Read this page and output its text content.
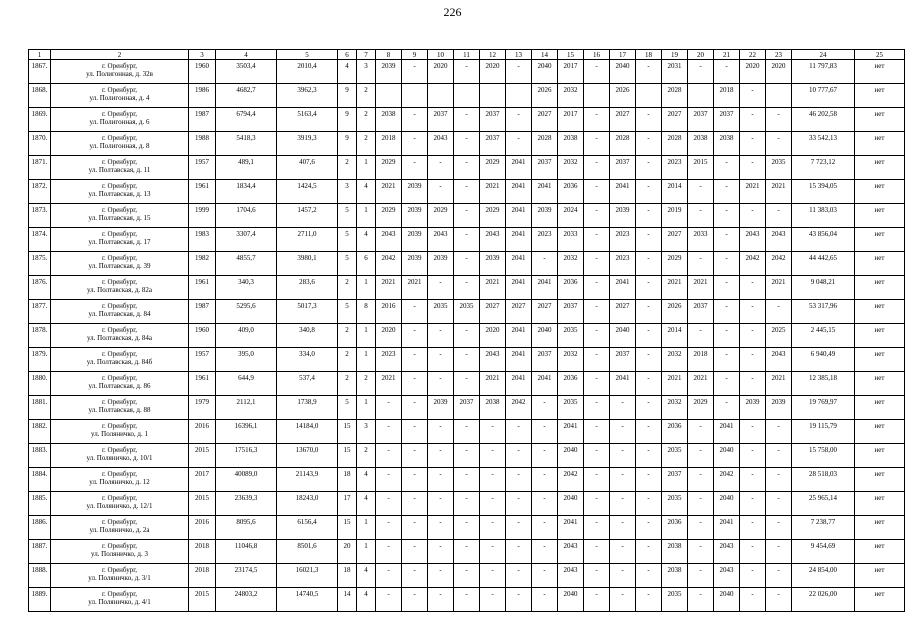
226
1	2	3	4	5	6	7	8	9	10	11	12	13	14	15	16	17	18	19	20	21	22	23	24	25
1867.	г. Оренбург,
ул. Полигонная, д. 32в	1960	3503,4	2010,4	4	3	2039	-	2020	-	2020	-	2040	2017	-	2040	-	2031	-	-	2020	2020	11 797,83	нет
1868.	г. Оренбург,
ул. Полигонная, д. 4	1986	4682,7	3962,3	9	2							2026	2032		2026		2028		2018	-		10 777,67	нет
1869.	г. Оренбург,
ул. Полигонная, д. 6	1987	6794,4	5163,4	9	2	2038	-	2037	-	2037	-	2027	2017	-	2027	-	2027	2037	2037	-	-	46 202,58	нет
1870.	г. Оренбург,
ул. Полигонная, д. 8	1988	5418,3	3919,3	9	2	2018	-	2043	-	2037	-	2028	2038	-	2028	-	2028	2038	2038	-	-	33 542,13	нет
1871.	г. Оренбург,
ул. Полтавская, д. 11	1957	489,1	407,6	2	1	2029	-	-	-	2029	2041	2037	2032	-	2037	-	2023	2015	-	-	2035	7 723,12	нет
1872.	г. Оренбург,
ул. Полтавская, д. 13	1961	1834,4	1424,5	3	4	2021	2039	-	-	2021	2041	2041	2036	-	2041	-	2014	-	-	2021	2021	15 394,05	нет
1873.	г. Оренбург,
ул. Полтавская, д. 15	1999	1704,6	1457,2	5	1	2029	2039	2029	-	2029	2041	2039	2024	-	2039	-	2019	-	-	-	-	11 383,03	нет
1874.	г. Оренбург,
ул. Полтавская, д. 17	1983	3307,4	2711,0	5	4	2043	2039	2043	-	2043	2041	2023	2033	-	2023	-	2027	2033	-	2043	2043	43 856,04	нет
1875.	г. Оренбург,
ул. Полтавская, д. 39	1982	4855,7	3980,1	5	6	2042	2039	2039	-	2039	2041	-	2032	-	2023	-	2029	-	-	2042	2042	44 442,65	нет
1876.	г. Оренбург,
ул. Полтавская, д. 82а	1961	340,3	283,6	2	1	2021	2021	-	-	2021	2041	2041	2036	-	2041	-	2021	2021	-	-	2021	9 048,21	нет
1877.	г. Оренбург,
ул. Полтавская, д. 84	1987	5295,6	5017,3	5	8	2016	-	2035	2035	2027	2027	2027	2037	-	2027	-	2026	2037	-	-	-	53 317,96	нет
1878.	г. Оренбург,
ул. Полтавская, д. 84а	1960	409,0	340,8	2	1	2020	-	-	-	2020	2041	2040	2035	-	2040	-	2014	-	-	-	2025	2 445,15	нет
1879.	г. Оренбург,
ул. Полтавская, д. 84б	1957	395,0	334,0	2	1	2023	-	-	-	2043	2041	2037	2032	-	2037	-	2032	2018	-	-	2043	6 940,49	нет
1880.	г. Оренбург,
ул. Полтавская, д. 86	1961	644,9	537,4	2	2	2021	-	-	-	2021	2041	2041	2036	-	2041	-	2021	2021	-	-	2021	12 385,18	нет
1881.	г. Оренбург,
ул. Полтавская, д. 88	1979	2112,1	1738,9	5	1	-	-	2039	2037	2038	2042	-	2035	-	-	-	2032	2029	-	2039	2039	19 769,97	нет
1882.	г. Оренбург,
ул. Поляничко, д. 1	2016	16396,1	14184,0	15	3	-	-	-	-	-	-	-	2041	-	-	-	2036	-	2041	-	-	19 115,79	нет
1883.	г. Оренбург,
ул. Поляничко, д. 10/1	2015	17516,3	13670,0	15	2	-	-	-	-	-	-	-	2040	-	-	-	2035	-	2040	-	-	15 758,00	нет
1884.	г. Оренбург,
ул. Поляничко, д. 12	2017	40089,0	21143,9	18	4	-	-	-	-	-	-	-	2042	-	-	-	2037	-	2042	-	-	28 518,03	нет
1885.	г. Оренбург,
ул. Поляничко, д. 12/1	2015	23639,3	18243,0	17	4	-	-	-	-	-	-	-	2040	-	-	-	2035	-	2040	-	-	25 965,14	нет
1886.	г. Оренбург,
ул. Поляничко, д. 2а	2016	8095,6	6156,4	15	1	-	-	-	-	-	-	-	2041	-	-	-	2036	-	2041	-	-	7 238,77	нет
1887.	г. Оренбург,
ул. Поляничко, д. 3	2018	11046,8	8501,6	20	1	-	-	-	-	-	-	-	2043	-	-	-	2038	-	2043	-	-	9 454,69	нет
1888.	г. Оренбург,
ул. Поляничко, д. 3/1	2018	23174,5	16021,3	18	4	-	-	-	-	-	-	-	2043	-	-	-	2038	-	2043	-	-	24 854,00	нет
1889.	г. Оренбург,
ул. Поляничко, д. 4/1	2015	24803,2	14740,5	14	4	-	-	-	-	-	-	-	2040	-	-	-	2035	-	2040	-	-	22 026,00	нет
